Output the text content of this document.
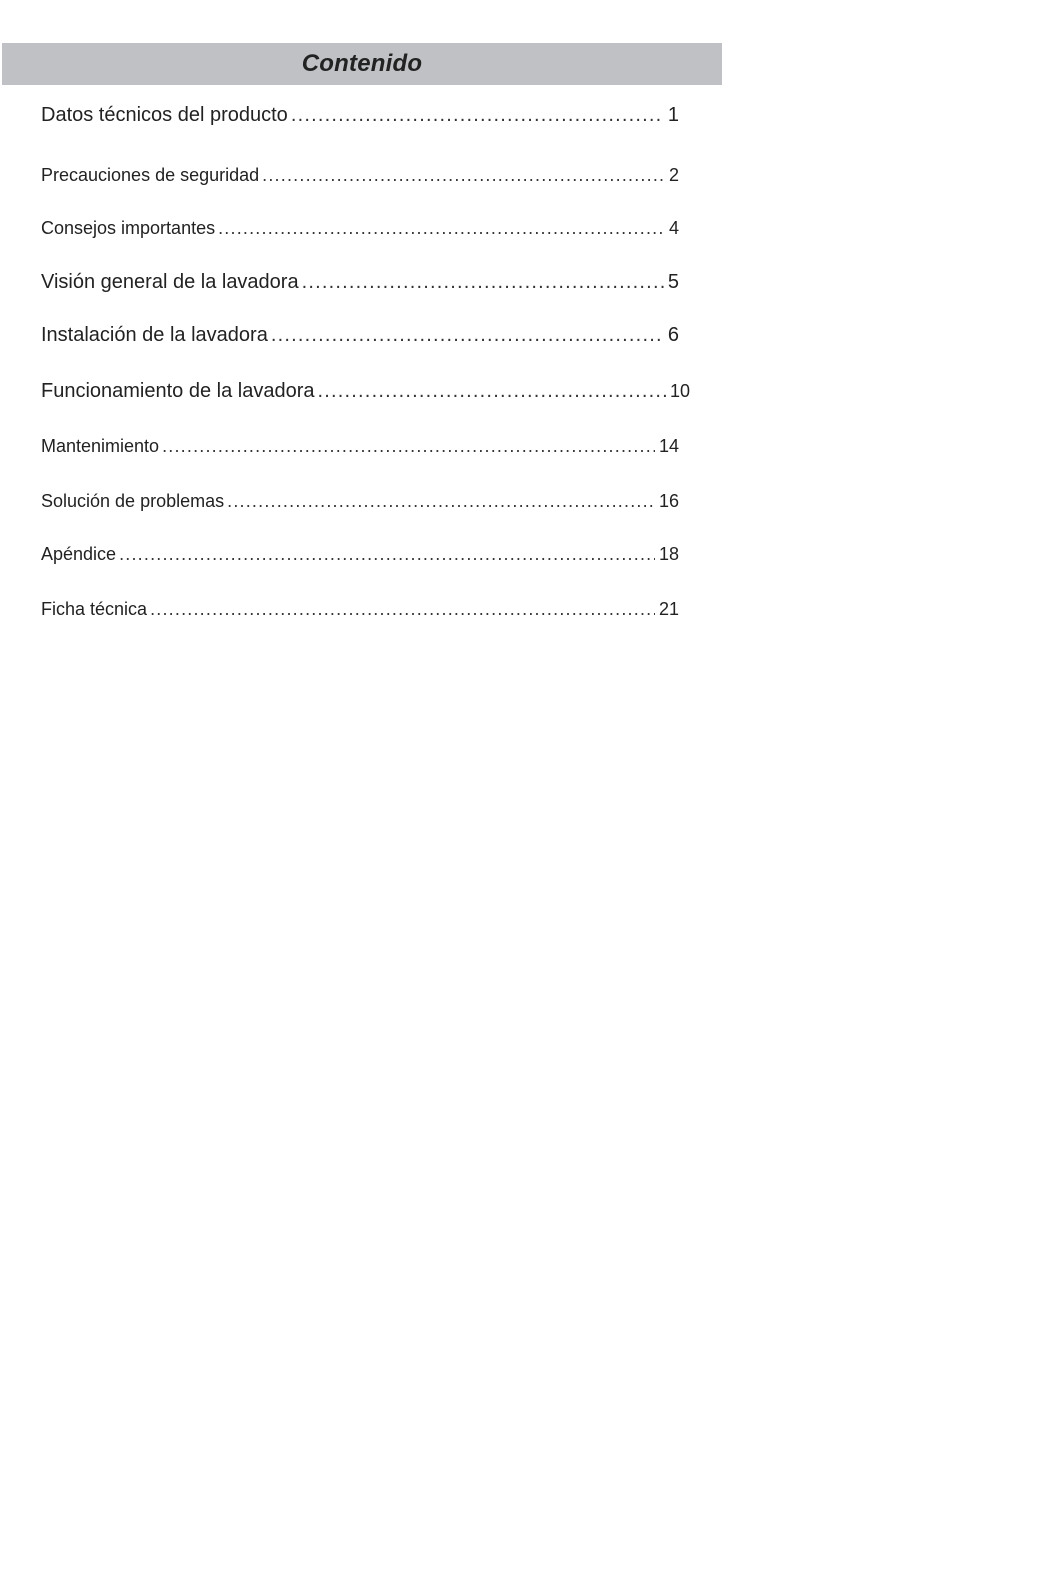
Contenido
Datos técnicos del producto .....	1
Precauciones de seguridad .....	2
Consejos importantes .....	4
Visión general de la lavadora .....	5
Instalación de la lavadora .....	6
Funcionamiento de la lavadora .....	10
Mantenimiento .....	14
Solución de problemas .....	16
Apéndice .....	18
Ficha técnica .....	21
